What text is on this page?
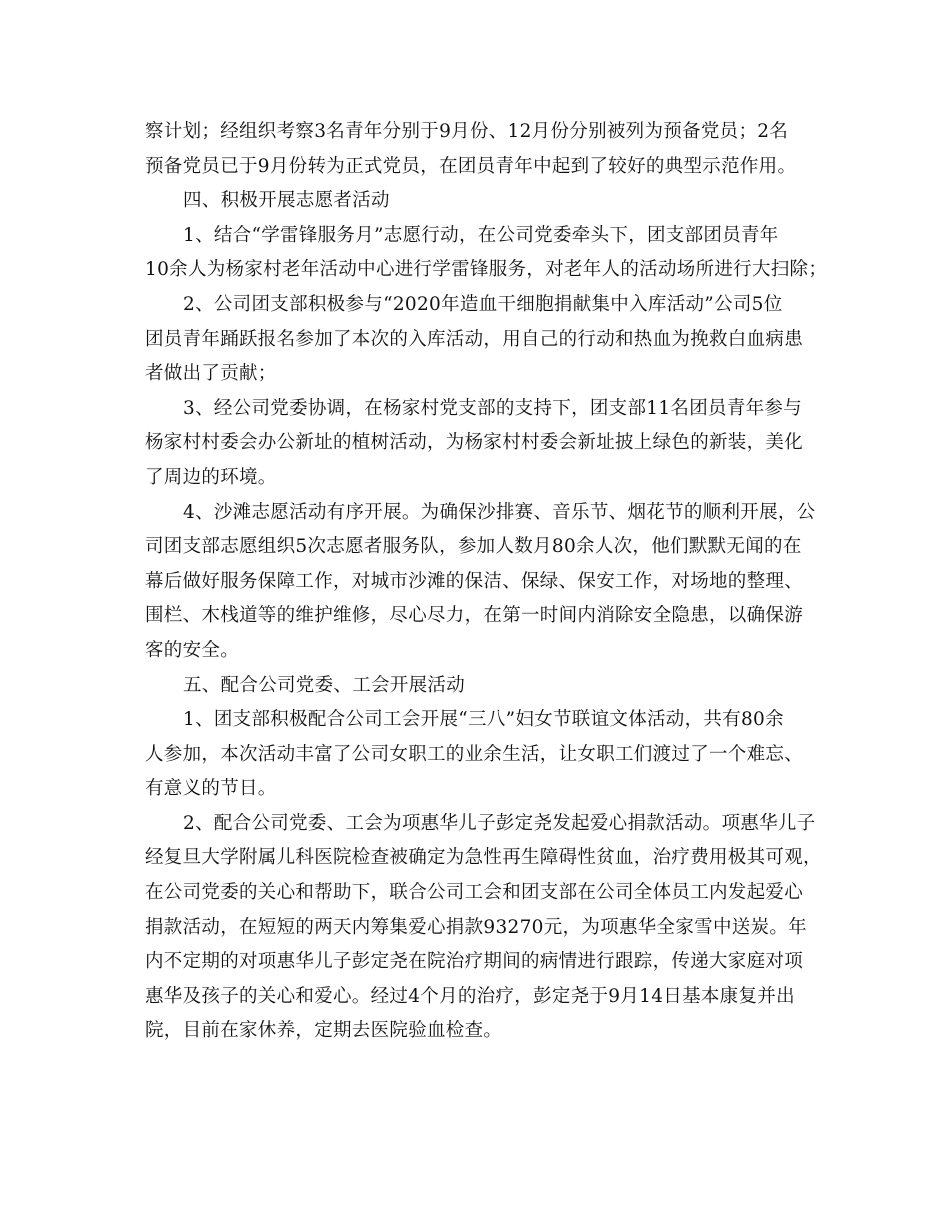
察计划；经组织考察3名青年分别于9月份、12月份分别被列为预备党员；2名
预备党员已于9月份转为正式党员，在团员青年中起到了较好的典型示范作用。
四、积极开展志愿者活动
1、结合“学雷锋服务月”志愿行动，在公司党委牵头下，团支部团员青年
10余人为杨家村老年活动中心进行学雷锋服务，对老年人的活动场所进行大扫除；
2、公司团支部积极参与“2020年造血干细胞捐献集中入库活动”公司5位
团员青年踊跃报名参加了本次的入库活动，用自己的行动和热血为挽救白血病患
者做出了贡献；
3、经公司党委协调，在杨家村党支部的支持下，团支部11名团员青年参与
杨家村村委会办公新址的植树活动，为杨家村村委会新址披上绿色的新装，美化
了周边的环境。
4、沙滩志愿活动有序开展。为确保沙排赛、音乐节、烟花节的顺利开展，公
司团支部志愿组织5次志愿者服务队，参加人数月80余人次，他们默默无闻的在
幕后做好服务保障工作，对城市沙滩的保洁、保绿、保安工作，对场地的整理、
围栏、木栈道等的维护维修，尽心尽力，在第一时间内消除安全隐患，以确保游
客的安全。
五、配合公司党委、工会开展活动
1、团支部积极配合公司工会开展“三八”妇女节联谊文体活动，共有80余
人参加，本次活动丰富了公司女职工的业余生活，让女职工们渡过了一个难忘、
有意义的节日。
2、配合公司党委、工会为项惠华儿子彭定尧发起爱心捐款活动。项惠华儿子
经复旦大学附属儿科医院检查被确定为急性再生障碍性贫血，治疗费用极其可观，
在公司党委的关心和帮助下，联合公司工会和团支部在公司全体员工内发起爱心
捐款活动，在短短的两天内筹集爱心捐款93270元，为项惠华全家雪中送炭。年
内不定期的对项惠华儿子彭定尧在院治疗期间的病情进行跟踪，传递大家庭对项
惠华及孩子的关心和爱心。经过4个月的治疗，彭定尧于9月14日基本康复并出
院，目前在家休养，定期去医院验血检查。
